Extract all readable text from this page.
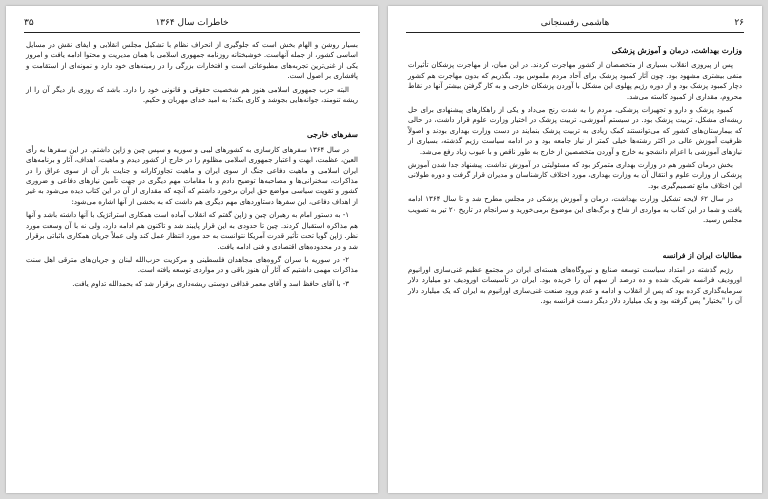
خاطرات سال ۱۳۶۴
۳۵

بسیار روشن و الهام بخش است که جلوگیری از انحراف نظام با تشکیل مجلس انقلابی و ایفای نقش در مسایل اساسی کشور، از جمله آنهاست. خوشبختانه روزنامه جمهوری اسلامی با همان مدیریت و محتوا ادامه یافت و امروز یکی از غنی‌ترین تجربه‌های مطبوعاتی است و افتخارات بزرگی را در زمینه‌های خود دارد و نمونه‌ای از استقامت و پافشاری بر اصول است.

البته حزب جمهوری اسلامی هنوز هم شخصیت حقوقی و قانونی خود را دارد. باشد که روزی باز دیگر آن را از ریشه تنومند، جوانه‌هایی بجوشد و کاری بکند؛ به امید خدای مهربان و حکیم.

سفرهای خارجی

در سال ۱۳۶۴ سفرهای کارسازی به کشورهای لیبی و سوریه و سپس چین و ژاپن داشتم. در این سفرها به رأی العین، عظمت، ابهت و اعتبار جمهوری اسلامی مظلوم را در خارج از کشور دیدم و ماهیت، اهداف، آثار و برنامه‌های ایران اسلامی و ماهیت دفاعی جنگ از سوی ایران و ماهیت تجاوزکارانه و جنایت بار آن از سوی عراق را در مذاکرات، سخنرانی‌ها و مصاحبه‌ها توضیح دادم و با مقامات مهم دیگری در جهت تأمین نیازهای دفاعی و ضروری کشور و تقویت سیاسی مواضع حق ایران برخورد داشتم که آنچه که مقداری از آن در این کتاب دیده می‌شود به غیر از اهداف دفاعی، این سفرها دستاوردهای مهم دیگری هم داشت که به بخشی از آنها اشاره می‌شود:

۱- به دستور امام به رهبران چین و ژاپن گفتم که انقلاب آماده است همکاری استراتژیک با آنها داشته باشد و آنها هم مذاکره استقبال کردند. چین تا حدودی به این قرار پایبند شد و تاکنون هم ادامه دارد، ولی نه با آن وسعت مورد نظر. ژاپن گویا تحت تأثیر قدرت آمریکا نتوانست به حد مورد انتظار عمل کند ولی عملاً جریان همکاری باثباتی برقرار شد و در محدوده‌های اقتصادی و فنی ادامه یافت.

۲- در سوریه با سران گروه‌های مجاهدان فلسطینی و مرکزیت حزب‌الله لبنان و جریان‌های مترقی اهل سنت مذاکرات مهمی داشتیم که آثار آن هنوز باقی و در مواردی توسعه یافته است.

۳- با آقای حافظ اسد و آقای معمر قذافی دوستی ریشه‌داری برقرار شد که بحمدالله تداوم یافت.

هاشمی رفسنجانی	۲۶
وزارت بهداشت، درمان و آموزش پزشکی

پس از پیروزی انقلاب بسیاری از متخصصان از کشور مهاجرت کردند. در این میان، از مهاجرت پزشکان تأثیرات منفی بیشتری مشهود بود. چون آثار کمبود پزشک برای آحاد مردم ملموس بود. بگذریم که بدون مهاجرت هم کشور دچار کمبود پزشک بود و از دوره رژیم پهلوی این مشکل با آوردن پزشکان خارجی و به کار گرفتن بیشتر آنها در نقاط محروم، مقداری از کمبود کاسته می‌شد.

کمبود پزشک و دارو و تجهیزات پزشکی، مردم را به شدت رنج می‌داد و یکی از راهکارهای پیشنهادی برای حل ریشه‌ای مشکل، تربیت پزشک بود. در سیستم آموزشی، تربیت پزشک در اختیار وزارت علوم قرار داشت، در حالی که بیمارستان‌های کشور که می‌توانستند کمک زیادی به تربیت پزشک بنمایند در دست وزارت بهداری بودند و اصولاً ظرفیت آموزش عالی در اکثر رشته‌ها خیلی کمتر از نیاز جامعه بود و در ادامه سیاست رژیم گذشته، بسیاری از نیازهای آموزشی با اعزام دانشجو به خارج و آوردن متخصصین از خارج به طور ناقص و با عیوب زیاد رفع می‌شد.

بخش درمان کشور هم در وزارت بهداری متمرکز بود که مسئولیتی در آموزش نداشت. پیشنهاد جدا شدن آموزش پزشکی از وزارت علوم و انتقال آن به وزارت بهداری، مورد اختلاف کارشناسان و مدیران قرار گرفت و دوره طولانی این اختلاف مانع تصمیم‌گیری بود.

در سال ۶۲ لایحه تشکیل وزارت بهداشت، درمان و آموزش پزشکی در مجلس مطرح شد و تا سال ۱۳۶۴ ادامه یافت و شما در این کتاب به مواردی از شاخ و برگ‌های این موضوع برمی‌خورید و سرانجام در تاریخ ۲۰ تیر به تصویب مجلس رسید.

مطالبات ایران از فرانسه

رژیم گذشته در امتداد سیاست توسعه صنایع و نیروگاه‌های هسته‌ای ایران در مجتمع عظیم غنی‌سازی اورانیوم اورودیف فرانسه شریک شده و ده درصد از سهم آن را خریده بود. ایران در تأسیسات اورودیف دو میلیارد دلار سرمایه‌گذاری کرده بود که پس از انقلاب و ادامه و عدم ورود صنعت غنی‌سازی اورانیوم به ایران که یک میلیارد دلار آن را "بختیار" پس گرفته بود و یک میلیارد دلار دیگر دست فرانسه بود.
